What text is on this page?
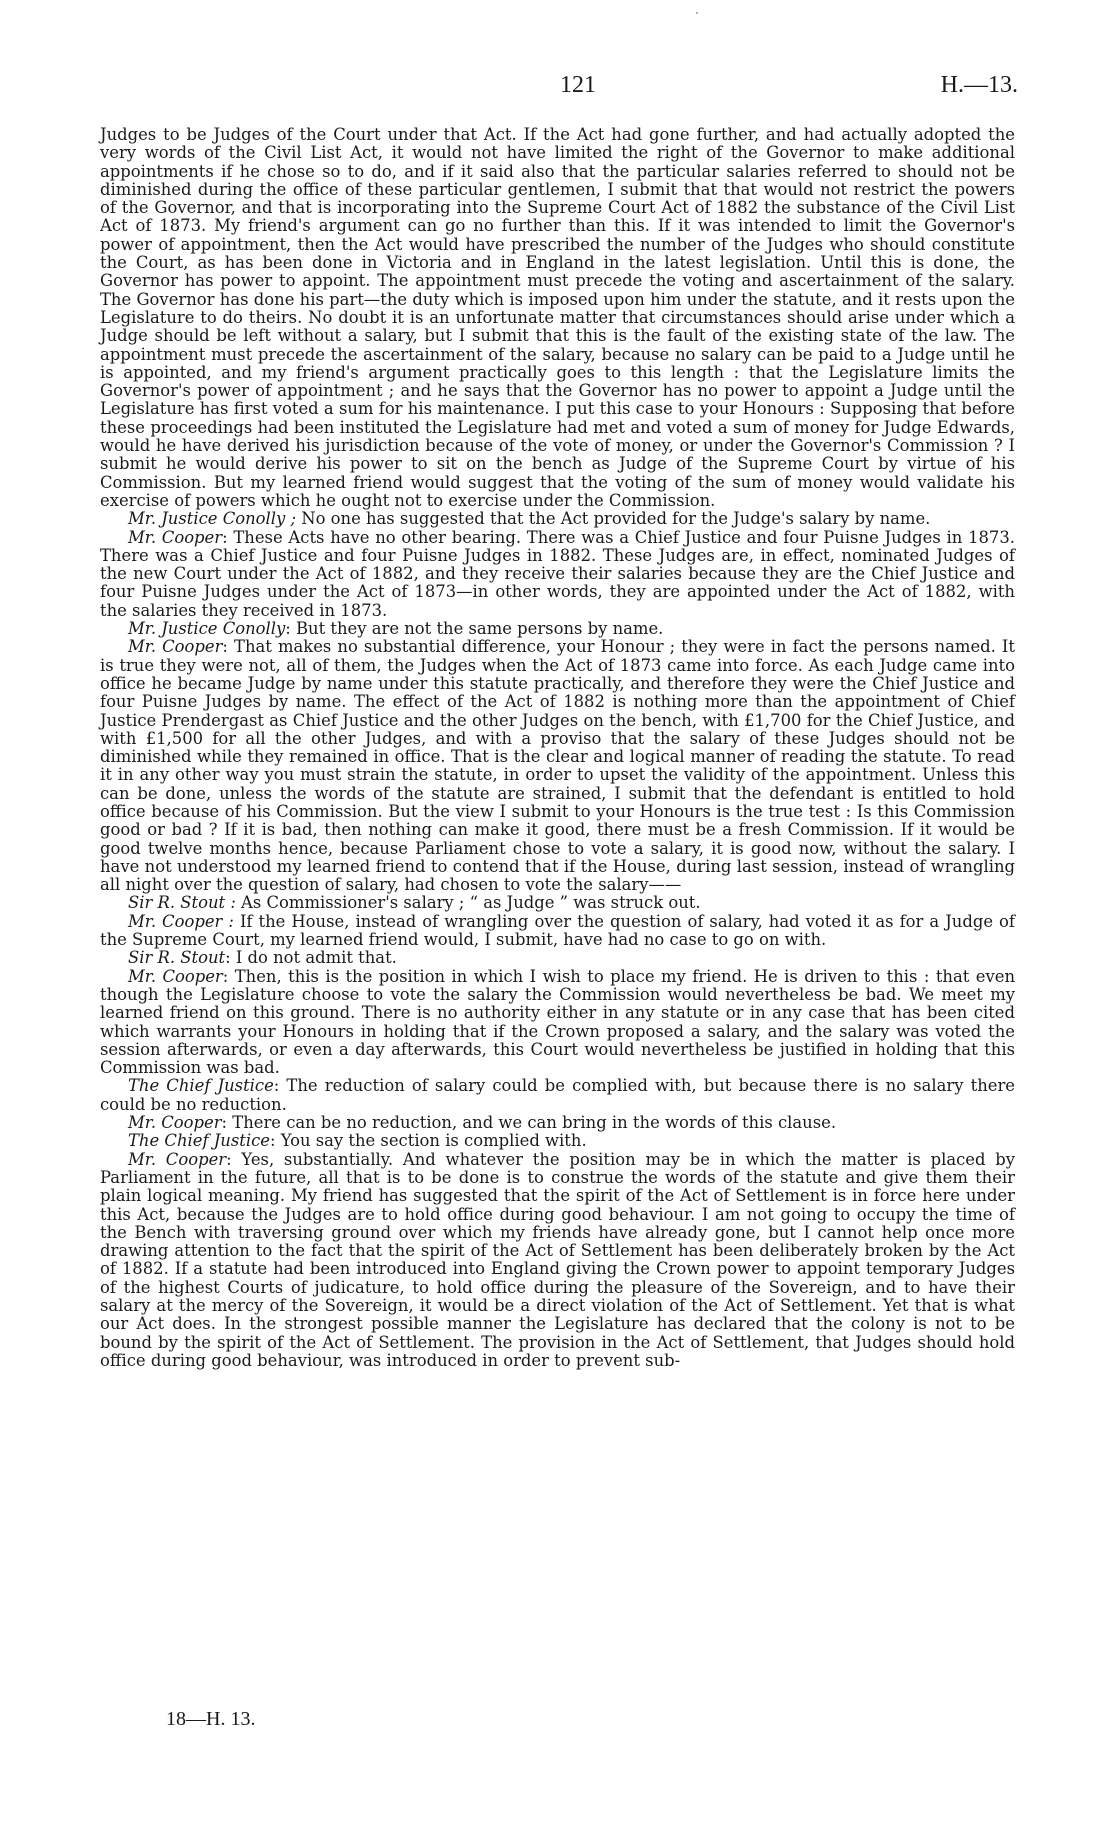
121	H.—13.

Judges to be Judges of the Court under that Act. If the Act had gone further, and had actually adopted the very words of the Civil List Act, it would not have limited the right of the Governor to make additional appointments if he chose so to do, and if it said also that the particular salaries referred to should not be diminished during the office of these particular gentlemen, I submit that that would not restrict the powers of the Governor, and that is incorporating into the Supreme Court Act of 1882 the substance of the Civil List Act of 1873. My friend's argument can go no further than this. If it was intended to limit the Governor's power of appointment, then the Act would have prescribed the number of the Judges who should constitute the Court, as has been done in Victoria and in England in the latest legislation. Until this is done, the Governor has power to appoint. The appointment must precede the voting and ascertainment of the salary. The Governor has done his part—the duty which is imposed upon him under the statute, and it rests upon the Legislature to do theirs. No doubt it is an unfortunate matter that circumstances should arise under which a Judge should be left without a salary, but I submit that this is the fault of the existing state of the law. The appointment must precede the ascertainment of the salary, because no salary can be paid to a Judge until he is appointed, and my friend's argument practically goes to this length : that the Legislature limits the Governor's power of appointment ; and he says that the Governor has no power to appoint a Judge until the Legislature has first voted a sum for his maintenance. I put this case to your Honours : Supposing that before these proceedings had been instituted the Legislature had met and voted a sum of money for Judge Edwards, would he have derived his jurisdiction because of the vote of money, or under the Governor's Commission ? I submit he would derive his power to sit on the bench as Judge of the Supreme Court by virtue of his Commission. But my learned friend would suggest that the voting of the sum of money would validate his exercise of powers which he ought not to exercise under the Commission.

Mr. Justice Conolly ; No one has suggested that the Act provided for the Judge's salary by name.

Mr. Cooper: These Acts have no other bearing. There was a Chief Justice and four Puisne Judges in 1873. There was a Chief Justice and four Puisne Judges in 1882. These Judges are, in effect, nominated Judges of the new Court under the Act of 1882, and they receive their salaries because they are the Chief Justice and four Puisne Judges under the Act of 1873—in other words, they are appointed under the Act of 1882, with the salaries they received in 1873.

Mr. Justice Conolly: But they are not the same persons by name.

Mr. Cooper: That makes no substantial difference, your Honour ; they were in fact the persons named. It is true they were not, all of them, the Judges when the Act of 1873 came into force. As each Judge came into office he became Judge by name under this statute practically, and therefore they were the Chief Justice and four Puisne Judges by name. The effect of the Act of 1882 is nothing more than the appointment of Chief Justice Prendergast as Chief Justice and the other Judges on the bench, with £1,700 for the Chief Justice, and with £1,500 for all the other Judges, and with a proviso that the salary of these Judges should not be diminished while they remained in office. That is the clear and logical manner of reading the statute. To read it in any other way you must strain the statute, in order to upset the validity of the appointment. Unless this can be done, unless the words of the statute are strained, I submit that the defendant is entitled to hold office because of his Commission. But the view I submit to your Honours is the true test : Is this Commission good or bad ? If it is bad, then nothing can make it good, there must be a fresh Commission. If it would be good twelve months hence, because Parliament chose to vote a salary, it is good now, without the salary. I have not understood my learned friend to contend that if the House, during last session, instead of wrangling all night over the question of salary, had chosen to vote the salary——

Sir R. Stout : As Commissioner's salary ; “ as Judge ” was struck out.

Mr. Cooper : If the House, instead of wrangling over the question of salary, had voted it as for a Judge of the Supreme Court, my learned friend would, I submit, have had no case to go on with.

Sir R. Stout: I do not admit that.

Mr. Cooper: Then, this is the position in which I wish to place my friend. He is driven to this : that even though the Legislature choose to vote the salary the Commission would nevertheless be bad. We meet my learned friend on this ground. There is no authority either in any statute or in any case that has been cited which warrants your Honours in holding that if the Crown proposed a salary, and the salary was voted the session afterwards, or even a day afterwards, this Court would nevertheless be justified in holding that this Commission was bad.

The Chief Justice: The reduction of salary could be complied with, but because there is no salary there could be no reduction.

Mr. Cooper: There can be no reduction, and we can bring in the words of this clause.

The Chief Justice: You say the section is complied with.

Mr. Cooper: Yes, substantially. And whatever the position may be in which the matter is placed by Parliament in the future, all that is to be done is to construe the words of the statute and give them their plain logical meaning. My friend has suggested that the spirit of the Act of Settlement is in force here under this Act, because the Judges are to hold office during good behaviour. I am not going to occupy the time of the Bench with traversing ground over which my friends have already gone, but I cannot help once more drawing attention to the fact that the spirit of the Act of Settlement has been deliberately broken by the Act of 1882. If a statute had been introduced into England giving the Crown power to appoint temporary Judges of the highest Courts of judicature, to hold office during the pleasure of the Sovereign, and to have their salary at the mercy of the Sovereign, it would be a direct violation of the Act of Settlement. Yet that is what our Act does. In the strongest possible manner the Legislature has declared that the colony is not to be bound by the spirit of the Act of Settlement. The provision in the Act of Settlement, that Judges should hold office during good behaviour, was introduced in order to prevent sub-

18—H. 13.
